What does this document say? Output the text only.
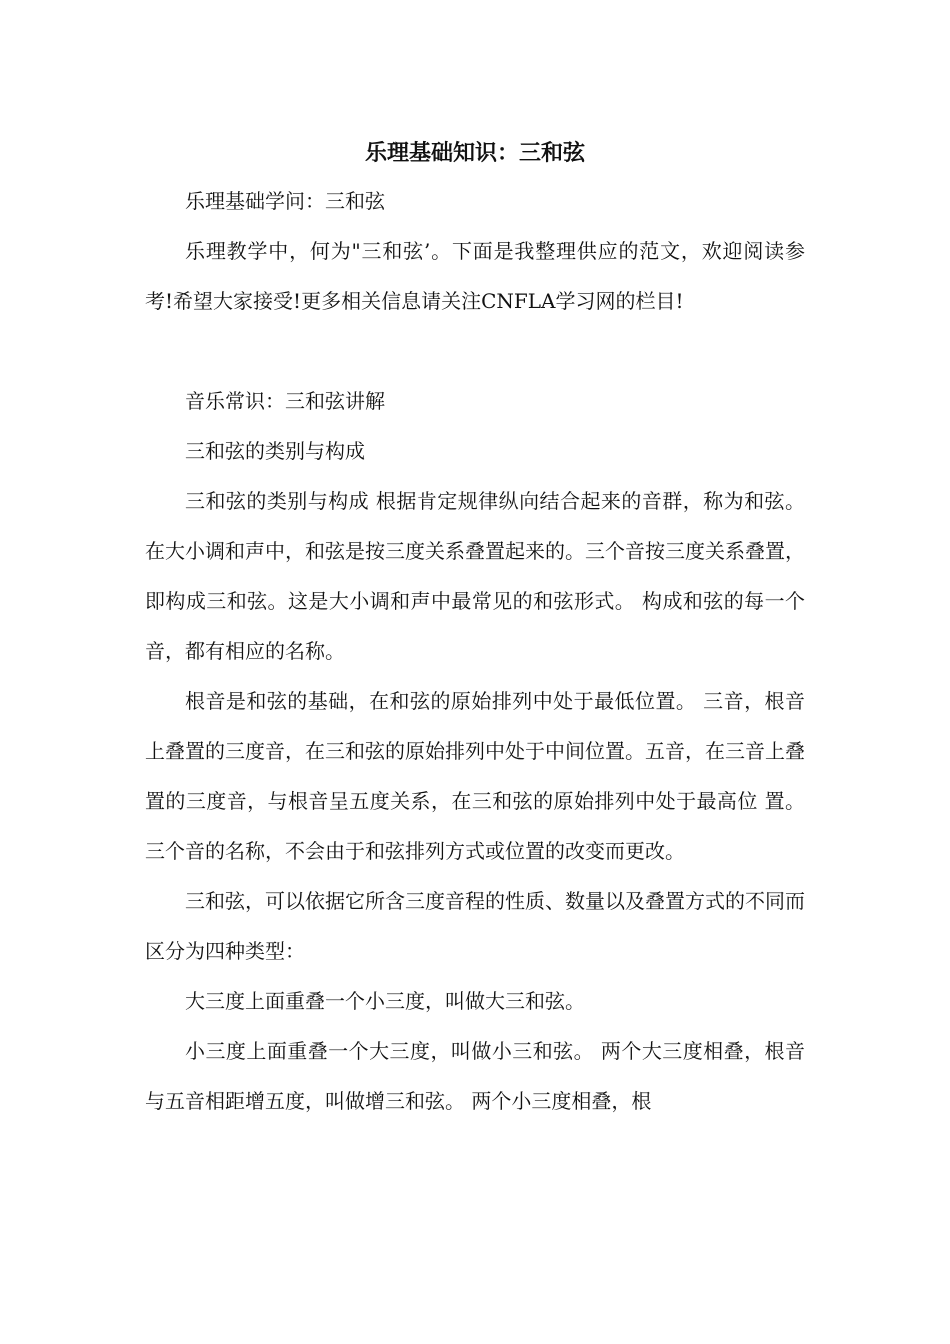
乐理基础知识：三和弦

乐理基础学问：三和弦

乐理教学中，何为"三和弦’。下面是我整理供应的范文，欢迎阅读参考!希望大家接受!更多相关信息请关注CNFLA学习网的栏目!

音乐常识：三和弦讲解

三和弦的类别与构成

三和弦的类别与构成 根据肯定规律纵向结合起来的音群，称为和弦。在大小调和声中，和弦是按三度关系叠置起来的。三个音按三度关系叠置，即构成三和弦。这是大小调和声中最常见的和弦形式。 构成和弦的每一个音，都有相应的名称。

根音是和弦的基础，在和弦的原始排列中处于最低位置。 三音，根音上叠置的三度音，在三和弦的原始排列中处于中间位置。五音，在三音上叠置的三度音，与根音呈五度关系，在三和弦的原始排列中处于最高位 置。 三个音的名称，不会由于和弦排列方式或位置的改变而更改。

三和弦，可以依据它所含三度音程的性质、数量以及叠置方式的不同而区分为四种类型：

大三度上面重叠一个小三度，叫做大三和弦。

小三度上面重叠一个大三度，叫做小三和弦。 两个大三度相叠，根音与五音相距增五度，叫做增三和弦。 两个小三度相叠，根
